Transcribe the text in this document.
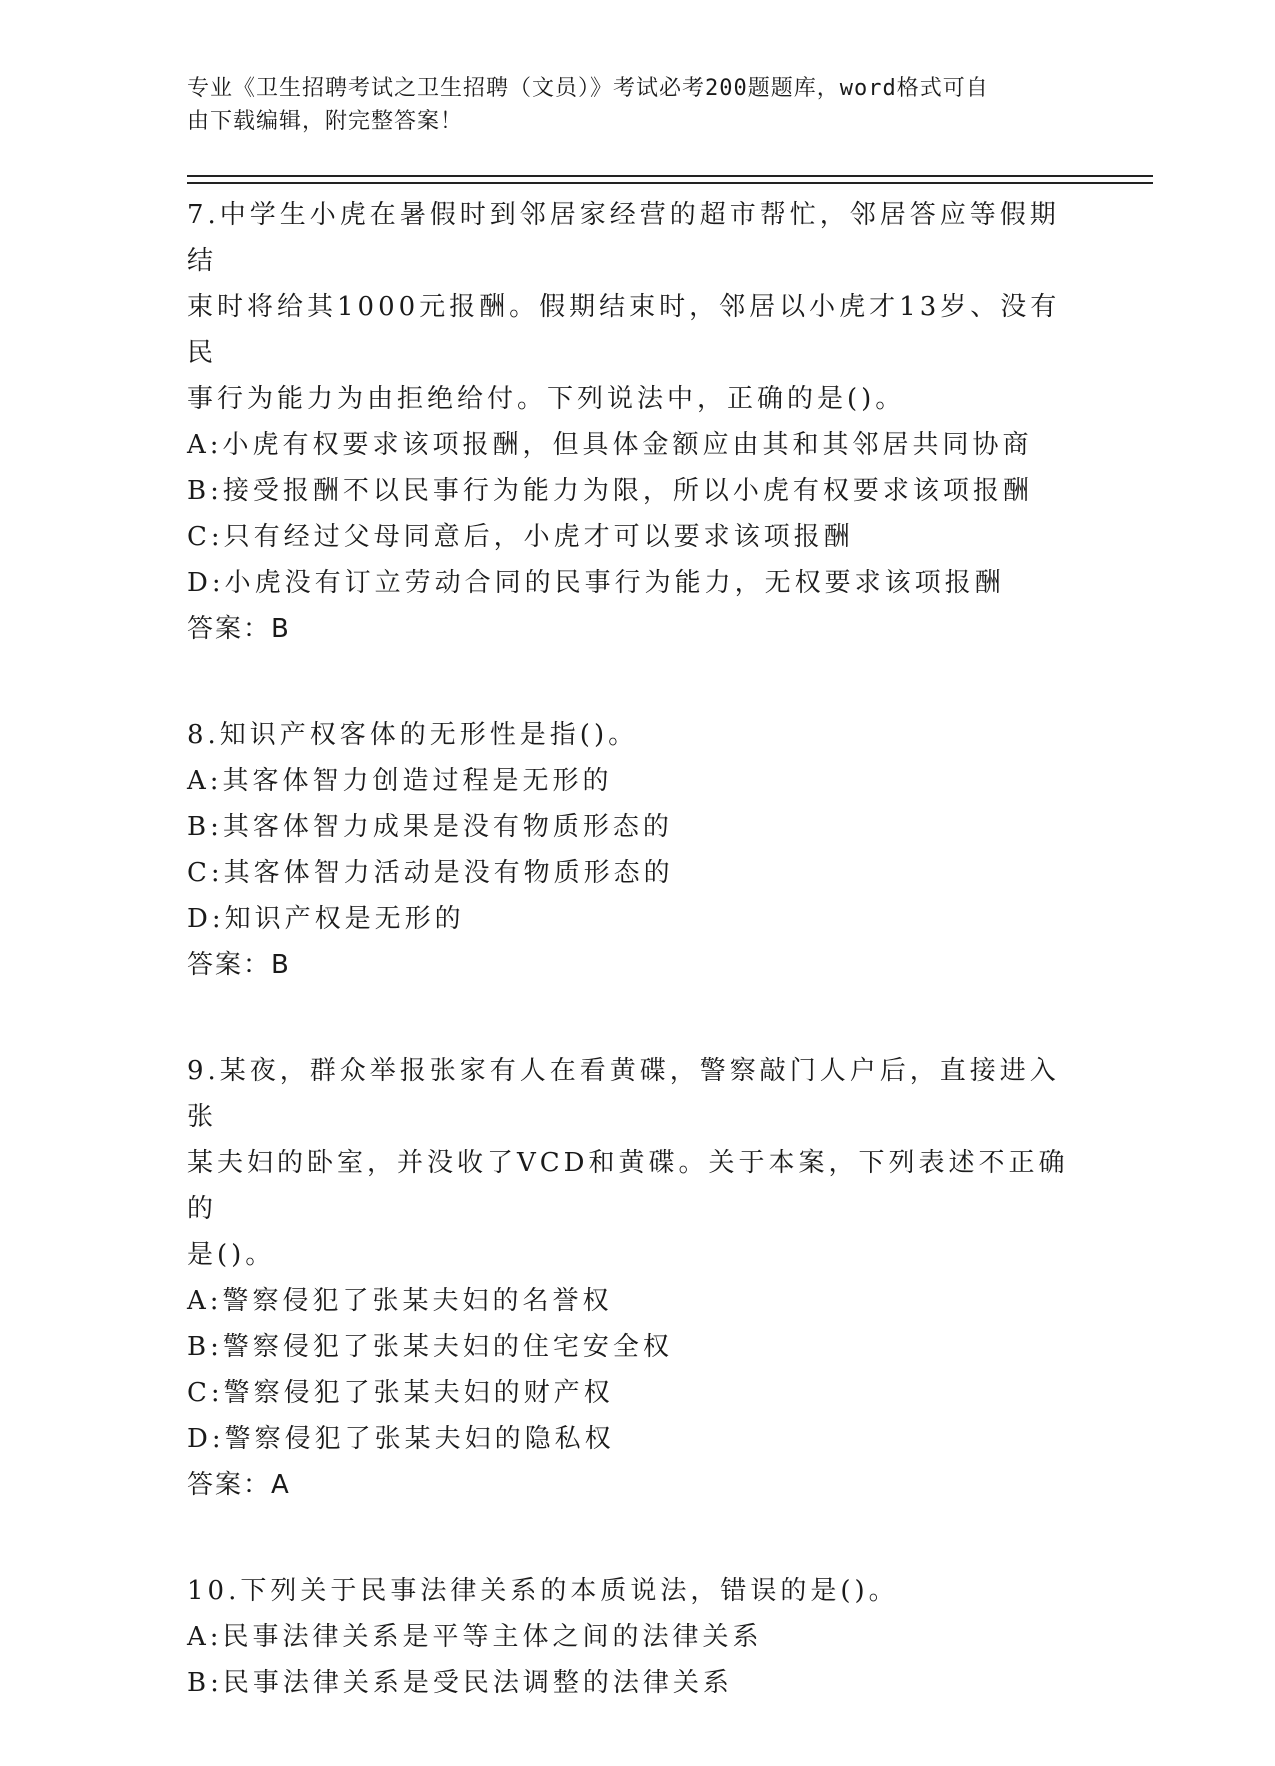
专业《卫生招聘考试之卫生招聘（文员）》考试必考200题题库，word格式可自
由下载编辑，附完整答案！

7.中学生小虎在暑假时到邻居家经营的超市帮忙，邻居答应等假期结

束时将给其1000元报酬。假期结束时，邻居以小虎才13岁、没有民

事行为能力为由拒绝给付。下列说法中，正确的是()。

A:小虎有权要求该项报酬，但具体金额应由其和其邻居共同协商

B:接受报酬不以民事行为能力为限，所以小虎有权要求该项报酬

C:只有经过父母同意后，小虎才可以要求该项报酬

D:小虎没有订立劳动合同的民事行为能力，无权要求该项报酬

答案：B

8.知识产权客体的无形性是指()。

A:其客体智力创造过程是无形的

B:其客体智力成果是没有物质形态的

C:其客体智力活动是没有物质形态的

D:知识产权是无形的

答案：B

9.某夜，群众举报张家有人在看黄碟，警察敲门人户后，直接进入张

某夫妇的卧室，并没收了VCD和黄碟。关于本案，下列表述不正确的

是()。

A:警察侵犯了张某夫妇的名誉权

B:警察侵犯了张某夫妇的住宅安全权

C:警察侵犯了张某夫妇的财产权

D:警察侵犯了张某夫妇的隐私权

答案：A

10.下列关于民事法律关系的本质说法，错误的是()。

A:民事法律关系是平等主体之间的法律关系

B:民事法律关系是受民法调整的法律关系
